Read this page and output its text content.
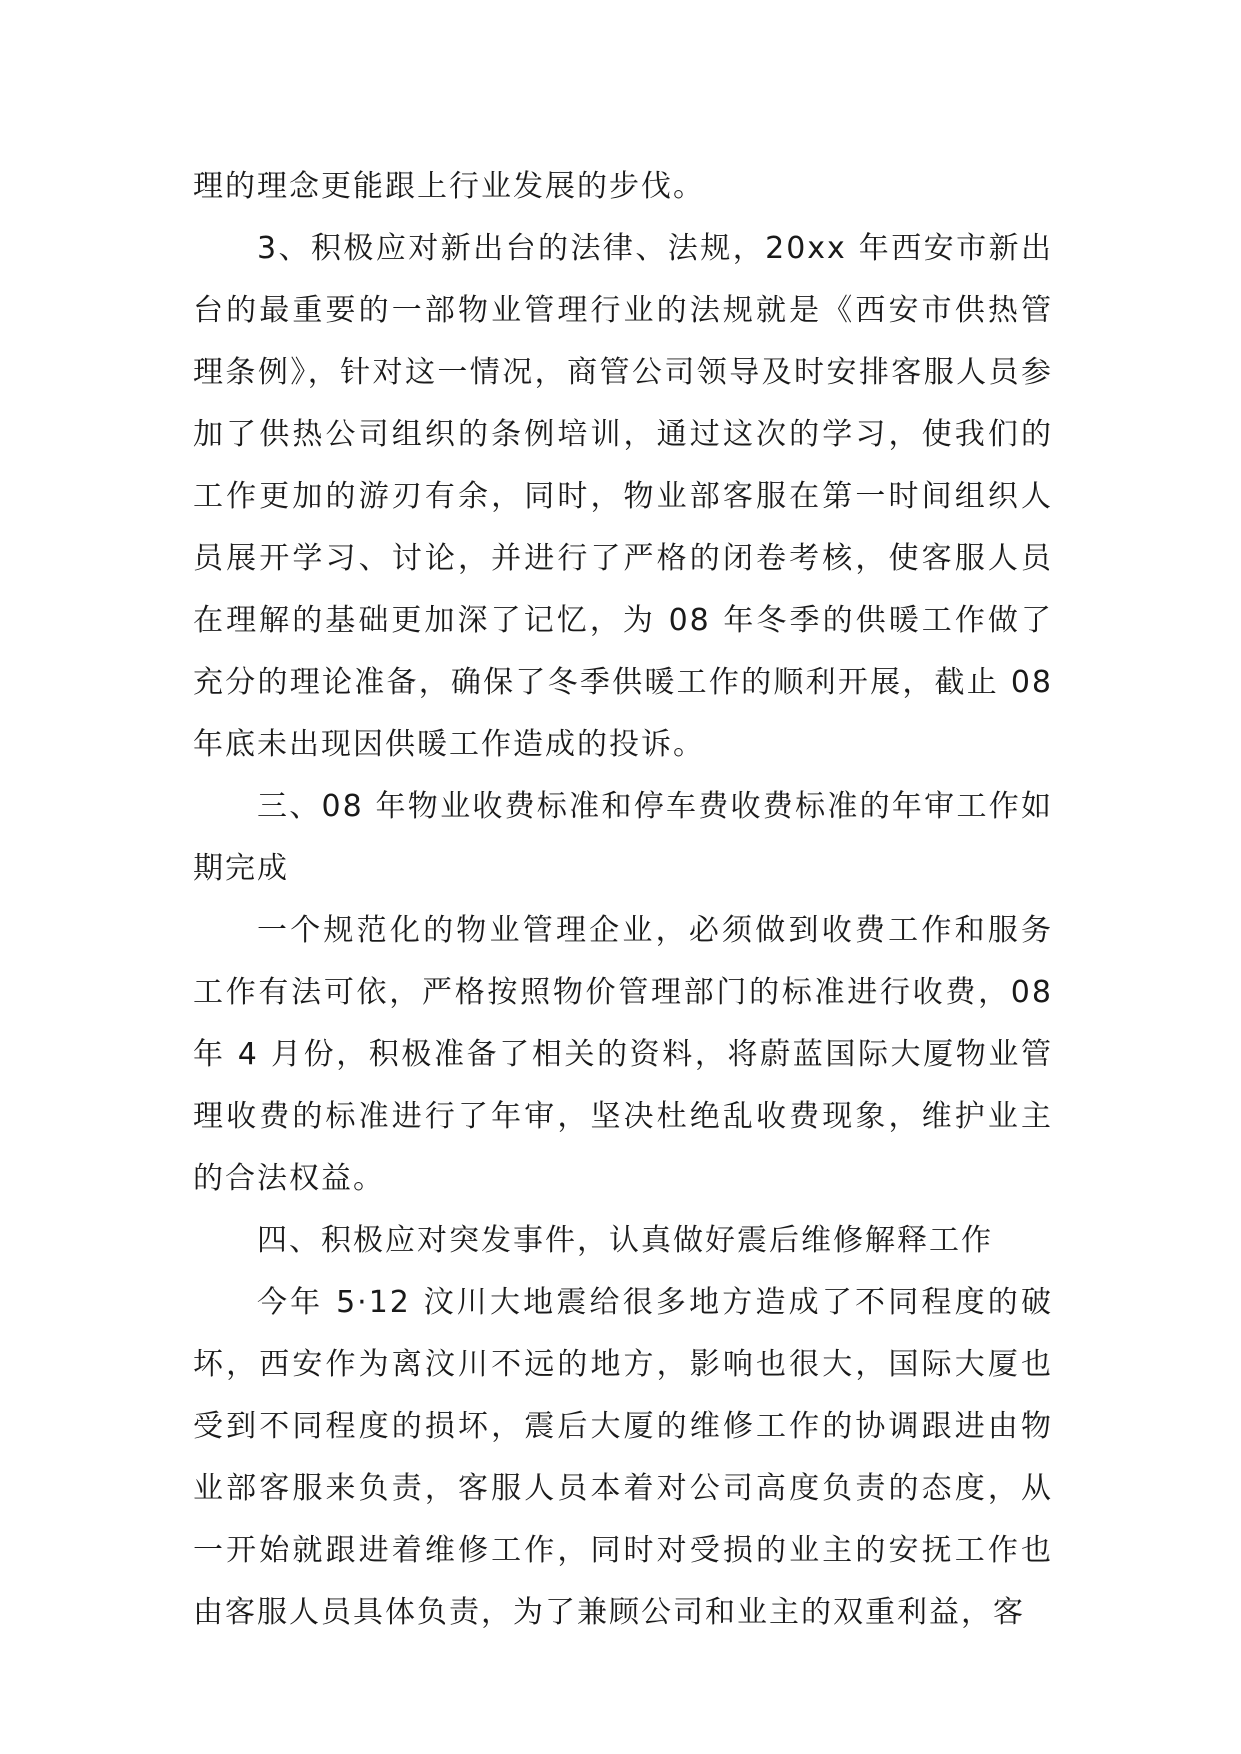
理的理念更能跟上行业发展的步伐。

3、积极应对新出台的法律、法规，20xx 年西安市新出台的最重要的一部物业管理行业的法规就是《西安市供热管理条例》，针对这一情况，商管公司领导及时安排客服人员参加了供热公司组织的条例培训，通过这次的学习，使我们的工作更加的游刃有余，同时，物业部客服在第一时间组织人员展开学习、讨论，并进行了严格的闭卷考核，使客服人员在理解的基础更加深了记忆，为 08 年冬季的供暖工作做了充分的理论准备，确保了冬季供暖工作的顺利开展，截止 08 年底未出现因供暖工作造成的投诉。

三、08 年物业收费标准和停车费收费标准的年审工作如期完成

一个规范化的物业管理企业，必须做到收费工作和服务工作有法可依，严格按照物价管理部门的标准进行收费，08 年 4 月份，积极准备了相关的资料，将蔚蓝国际大厦物业管理收费的标准进行了年审，坚决杜绝乱收费现象，维护业主的合法权益。

四、积极应对突发事件，认真做好震后维修解释工作

今年 5·12 汶川大地震给很多地方造成了不同程度的破坏，西安作为离汶川不远的地方，影响也很大，国际大厦也受到不同程度的损坏，震后大厦的维修工作的协调跟进由物业部客服来负责，客服人员本着对公司高度负责的态度，从一开始就跟进着维修工作，同时对受损的业主的安抚工作也由客服人员具体负责，为了兼顾公司和业主的双重利益，客
